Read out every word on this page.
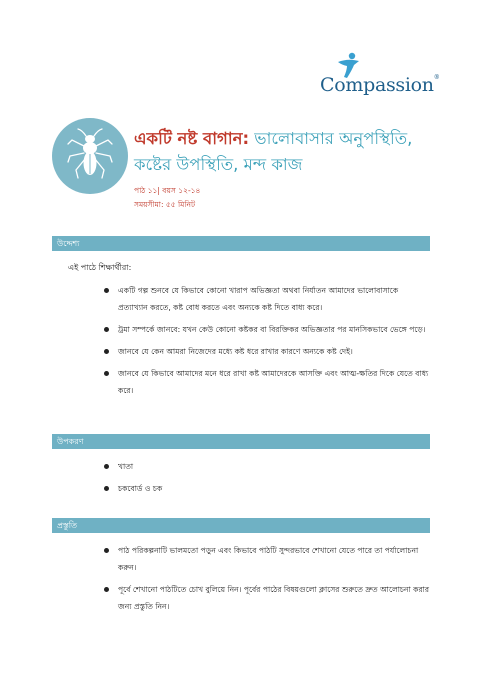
Compassion®
একটি নষ্ট বাগান: ভালোবাসার অনুপস্থিতি, কষ্টের উপস্থিতি, মন্দ কাজ
পাঠ ১১| বয়স ১২-১৪
সময়সীমা: ৫৫ মিনিট
উদ্দেশ্য
এই পাঠে শিক্ষার্থীরা:
একটি গল্প শুনবে যে কিভাবে কোনো খারাপ অভিজ্ঞতা অথবা নির্যাতন আমাদের ভালোবাসাকে প্রত্যাখ্যান করতে, কষ্ট বোধ করতে এবং অন্যকে কষ্ট দিতে বাধ্য করে।
ট্রমা সম্পর্কে জানবে: যখন কেউ কোনো কষ্টকর বা বিরক্তিকর অভিজ্ঞতার পর মানসিকভাবে ভেঙ্গে পড়ে।
জানবে যে কেন আমরা নিজেদের মধ্যে কষ্ট ধরে রাখার কারণে অন্যকে কষ্ট দেই।
জানবে যে কিভাবে আমাদের মনে ধরে রাখা কষ্ট আমাদেরকে আসক্তি এবং আত্ম-ক্ষতির দিকে যেতে বাধ্য করে।
উপকরণ
খাতা
চকবোর্ড ও চক
প্রস্তুতি
পাঠ পরিকল্পনাটি ভালমতো পড়ুন এবং কিভাবে পাঠটি সুন্দরভাবে শেখানো যেতে পারে তা পর্যালোচনা করুন।
পূর্বে শেখানো পাঠটিতে চোখ বুলিয়ে নিন। পূর্বের পাঠের বিষয়গুলো ক্লাসের শুরুতে দ্রুত আলোচনা করার জন্য প্রস্তুতি নিন।
